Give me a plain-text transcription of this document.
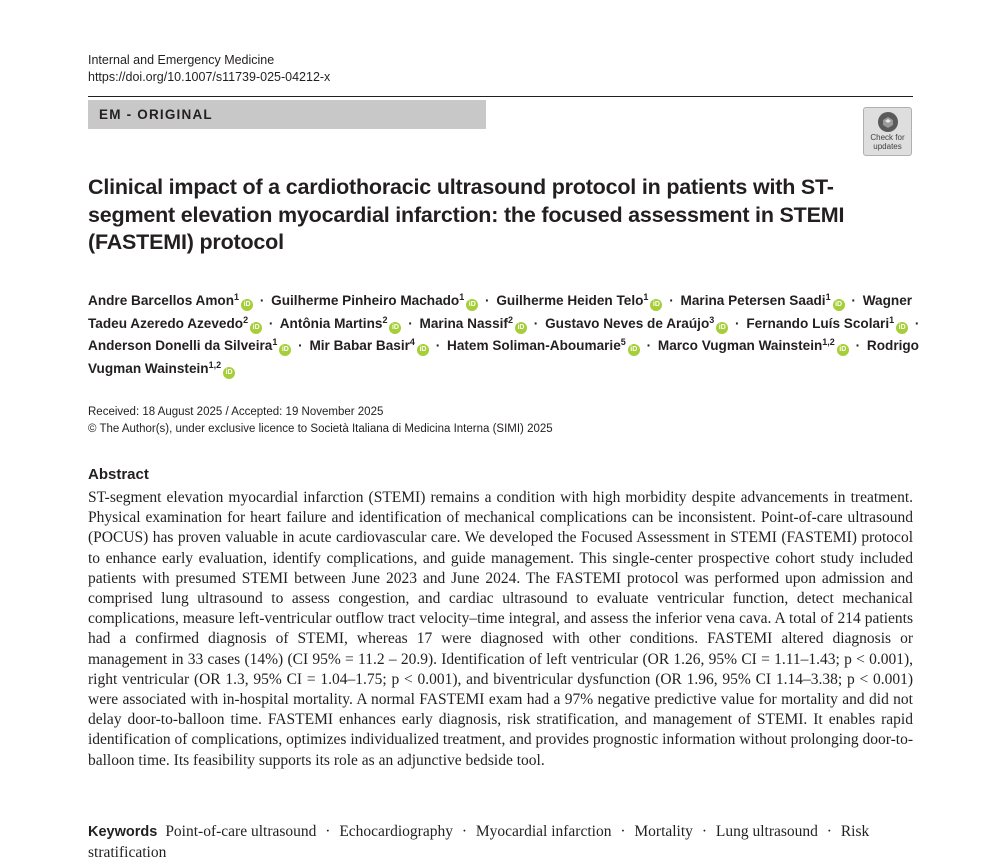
Internal and Emergency Medicine
https://doi.org/10.1007/s11739-025-04212-x
EM - ORIGINAL
Check for
updates
Clinical impact of a cardiothoracic ultrasound protocol in patients with ST-segment elevation myocardial infarction: the focused assessment in STEMI (FASTEMI) protocol
Andre Barcellos Amon$^1$iD · Guilherme Pinheiro Machado$^1$iD · Guilherme Heiden Telo$^1$iD · Marina Petersen Saadi$^1$iD · Wagner Tadeu Azeredo Azevedo$^2$iD · Antônia Martins$^2$iD · Marina Nassif$^2$iD · Gustavo Neves de Araújo$^3$iD · Fernando Luís Scolari$^1$iD · Anderson Donelli da Silveira$^1$iD · Mir Babar Basir$^4$iD · Hatem Soliman-Aboumarie$^5$iD · Marco Vugman Wainstein$^{1,2}$iD · Rodrigo Vugman Wainstein$^{1,2}$iD
Received: 18 August 2025 / Accepted: 19 November 2025
© The Author(s), under exclusive licence to Società Italiana di Medicina Interna (SIMI) 2025
Abstract

ST-segment elevation myocardial infarction (STEMI) remains a condition with high morbidity despite advancements in treatment. Physical examination for heart failure and identification of mechanical complications can be inconsistent. Point-of-care ultrasound (POCUS) has proven valuable in acute cardiovascular care. We developed the Focused Assessment in STEMI (FASTEMI) protocol to enhance early evaluation, identify complications, and guide management. This single-center prospective cohort study included patients with presumed STEMI between June 2023 and June 2024. The FASTEMI protocol was performed upon admission and comprised lung ultrasound to assess congestion, and cardiac ultrasound to evaluate ventricular function, detect mechanical complications, measure left-ventricular outflow tract velocity–time integral, and assess the inferior vena cava. A total of 214 patients had a confirmed diagnosis of STEMI, whereas 17 were diagnosed with other conditions. FASTEMI altered diagnosis or management in 33 cases (14%) (CI 95% = 11.2 – 20.9). Identification of left ventricular (OR 1.26, 95% CI = 1.11–1.43; p < 0.001), right ventricular (OR 1.3, 95% CI = 1.04–1.75; p < 0.001), and biventricular dysfunction (OR 1.96, 95% CI 1.14–3.38; p < 0.001) were associated with in-hospital mortality. A normal FASTEMI exam had a 97% negative predictive value for mortality and did not delay door-to-balloon time. FASTEMI enhances early diagnosis, risk stratification, and management of STEMI. It enables rapid identification of complications, optimizes individualized treatment, and provides prognostic information without prolonging door-to-balloon time. Its feasibility supports its role as an adjunctive bedside tool.

Keywords Point-of-care ultrasound · Echocardiography · Myocardial infarction · Mortality · Lung ultrasound · Risk stratification
